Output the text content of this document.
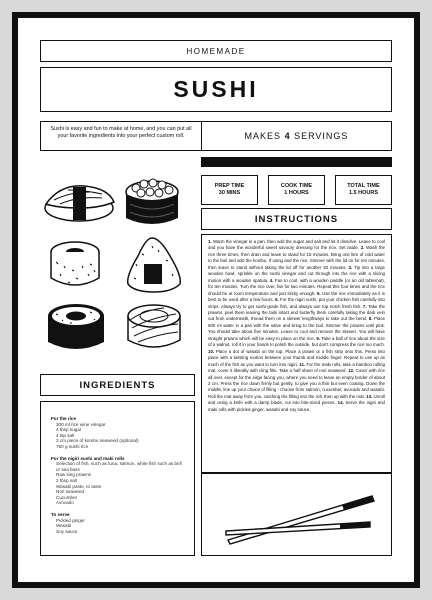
HOMEMADE
SUSHI
Sushi is easy and fun to make at home, and you can put all your favorite ingredients into your perfect custom roll.	MAKES 4 SERVINGS
PREP TIME
30 MINS
COOK TIME
1 HOURS
TOTAL TIME
1.5 HOURS
INSTRUCTIONS
1. Warm the vinegar in a pan, then add the sugar and salt and let it dissolve. Leave to cool and you have the wonderful sweet savoury dressing for the rice. Set aside. 2. Wash the rice three times, then drain and leave to stand for 15 minutes. Bring one litre of cold water to the boil and add the kombu. If using and the rice. Simmer with the lid on for ten minutes, then leave to stand without taking the lid off for another 20 minutes. 3. Tip into a large wooden bowl, sprinkle on the sushi vinegar and cut through into the rice with a slicing motion with a wooden spatula. 4. Fan to cool, with a wooden paddle (or an old tablemat), for ten minutes. Turn the rice over, fan for two minutes. Repeat this four times and the rice should be at room temperature and just sticky enough. 5. Use the rice immediately as it is best to be used after a few hours. 6. For the nigiri sushi, put your chicken fish carefully into strips. Always try to get sushi-grade fish, and always use top notch fresh fish. 7. Take the prawns, peel them leaving the tails intact and butterfly them carefully taking the dark vein out from underneath, thread them on a skewer lengthways to take out the bend. 8. Place 500 ml water in a pan with the salve and bring to the boil. Simmer the prawns until pink. You should take about five minutes. Leave to cool and remove the skewer. You will have straight prawns which will be easy to place on the rice. 9. Take a ball of rice about the size of a walnut, roll it in your hands to polish the outside, but don't compress the rice too much. 10. Place a dot of wasabi on the top. Place a prawn or a fish strip onto this. Press into place with a twisting motion between your thumb and middle finger. Repeat to use up as much of the fish as you want to turn into nigiri. 11. For the maki rolls, take a bamboo rolling mat, cover it liberally with cling film. Take a half sheet of nori seaweed. 12. Cover with rice all over, except for the edge facing you, where you need to leave an empty border of about 2 cm. Press the rice down firmly but gently, to give you a thin but even coating. Down the middle, line up your choice of filling - choose from salmon, cucumber, avocado and wasabi. Roll the mat away from you, catching the filling into the roll, then up with the mat. 13. Unroll and using a knife with a damp blade, cut into bite-sized pieces. 14. Serve the nigiri and maki rolls with pickled ginger, wasabi and soy sauce.
INGREDIENTS
For the rice
300 ml rice wine vinegar
4 tbsp sugar
4 tsp salt
3 cm piece of kombu seaweed (optional)
750 g sushi rice
For the nigiri sushi and maki rolls
Selection of fish, such as tuna, salmon, white fish such as brill or sea bass
Raw king prawns
2 tbsp salt
Wasabi paste, to taste
Nori seaweed
Cucumber
Avocado
To serve
Pickled ginger
Wasabi
Soy sauce
